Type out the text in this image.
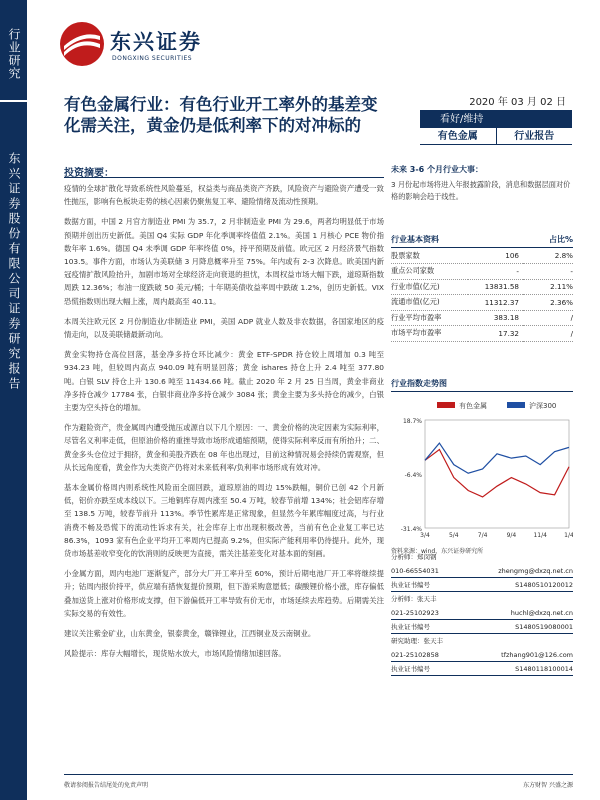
行业研究
东兴证券股份有限公司证券研究报告
东兴证券
DONGXING SECURITIES
有色金属行业：有色行业开工率外的基差变化需关注，黄金仍是低利率下的对冲标的
2020 年 03 月 02 日
看好/维持
有色金属	行业报告
投资摘要：

疫情的全球扩散化导致系统性风险蔓延，权益类与商品类资产齐跌，风险资产与避险资产遭受一致性抛压，影响有色板块走势的核心因素仍聚焦复工率、避险情绪及流动性预期。

数据方面，中国 2 月官方制造业 PMI 为 35.7，2 月非制造业 PMI 为 29.6，两者均明显低于市场预期并创出历史新低。美国 Q4 实际 GDP 年化季调率终值值 2.1%。美国 1 月核心 PCE 物价指数年率 1.6%。德国 Q4 未季调 GDP 年率终值 0%，持平预期及前值。欧元区 2 月经济景气指数 103.5。事件方面，市场认为美联储 3 月降息概率升至 75%。年内或有 2-3 次降息。欧美国内新冠疫情扩散风险抬升，加剧市场对全球经济走向衰退的担忧，本周权益市场大幅下跌，道琼斯指数周跌 12.36%；布油一度跌破 50 美元/桶；十年期美债收益率周中跌破 1.2%，创历史新低。VIX 恐慌指数则出现大幅上涨，周内最高至 40.11。

本周关注欧元区 2 月份制造业/非制造业 PMI，美国 ADP 就业人数及非农数据，各国家地区的疫情走向，以及美联储最新动向。

黄金实物持仓高位回落，基金净多持仓环比减少：黄金 ETF-SPDR 持仓较上周增加 0.3 吨至 934.23 吨，但较周内高点 940.09 吨有明显回落；黄金 ishares 持仓上升 2.4 吨至 377.80 吨。白银 SLV 持仓上升 130.6 吨至 11434.66 吨。截止 2020 年 2 月 25 日当周，黄金非商业净多持仓减少 17784 张，白银非商业净多持仓减少 3084 张；黄金主要为多头持仓的减少，白银主要为空头持仓的增加。

作为避险资产，贵金属周内遭受抛压或源自以下几个原因：一、黄金价格的决定因素为实际利率，尽管名义利率走低，但原油价格的重挫导致市场形成通缩预期，使得实际利率反而有所抬升；二、黄金多头仓位过于拥挤，黄金和美股齐跌在 08 年也出现过，目前这种情况易会持续仍需观察，但从长远角度看，黄金作为大类资产仍将对未来低利率/负利率市场形成有效对冲。

基本金属价格周内则系统性风险而全面回跌，道琼原油的周边 15%跌幅，铜价已创 42 个月新低，铝价亦跌至成本线以下。三地铜库存周内涨至 50.4 万吨，较春节前增 134%；社会铝库存增至 138.5 万吨，较春节前升 113%。季节性累库是正常现象，但显然今年累库幅度过高，与行业消费不畅及恐慌下的流动性诉求有关，社会库存上市出现积极改善，当前有色企业复工率已达 86.3%，1093 家有色企业平均开工率周内已提高 9.2%，但实际产能利用率仍待提升。此外，现货市场基差收窄变化的饮消则的反映更为直接，需关注基差变化对基本面的刻画。

小金属方面，周内电池厂逐渐复产，部分大厂开工率升至 60%，预计后期电池厂开工率将继续提升；钴周内报价持平，供应端有措恢复提价预期，但下游采购意愿低；碳酸锂价格小涨，库存偏低叠加送货上涨对价格形成支撑，但下游偏低开工率导致有价无市，市场延续去库趋势。后期需关注实际交易的有效性。

建议关注紫金矿业，山东黄金，银泰黄金，赣锋锂业，江西铜业及云南铜业。

风险提示：库存大幅增长，现货贴水放大，市场风险情绪加速回落。

未来 3-6 个月行业大事：
3 月份起市场将进入年报披露阶段，消息和数据层面对价格的影响会趋于线性。
行业基本资料	占比%
股票家数	106	2.8%
重点公司家数	-	-
行业市值(亿元)	13831.58	2.11%
流通市值(亿元)	11312.37	2.36%
行业平均市盈率	383.18	/
市场平均市盈率	17.32	/
行业指数走势图
18.7%
-6.4%
-31.4%
3/4	5/4	7/4	9/4	11/4	1/4
有色金属	沪深300
资料来源：wind、东兴证券研究所
分析师：郑闵钢
010-66554031	zhengmg@dxzq.net.cn
执业证书编号	S1480510120012
分析师：张天丰
021-25102923	huchl@dxzq.net.cn
执业证书编号	S1480519080001
研究助理：张天丰
021-25102858	tfzhang901@126.com
执业证书编号	S1480118100014
敬请参阅报告结尾处的免责声明	东方财智 兴盛之源
